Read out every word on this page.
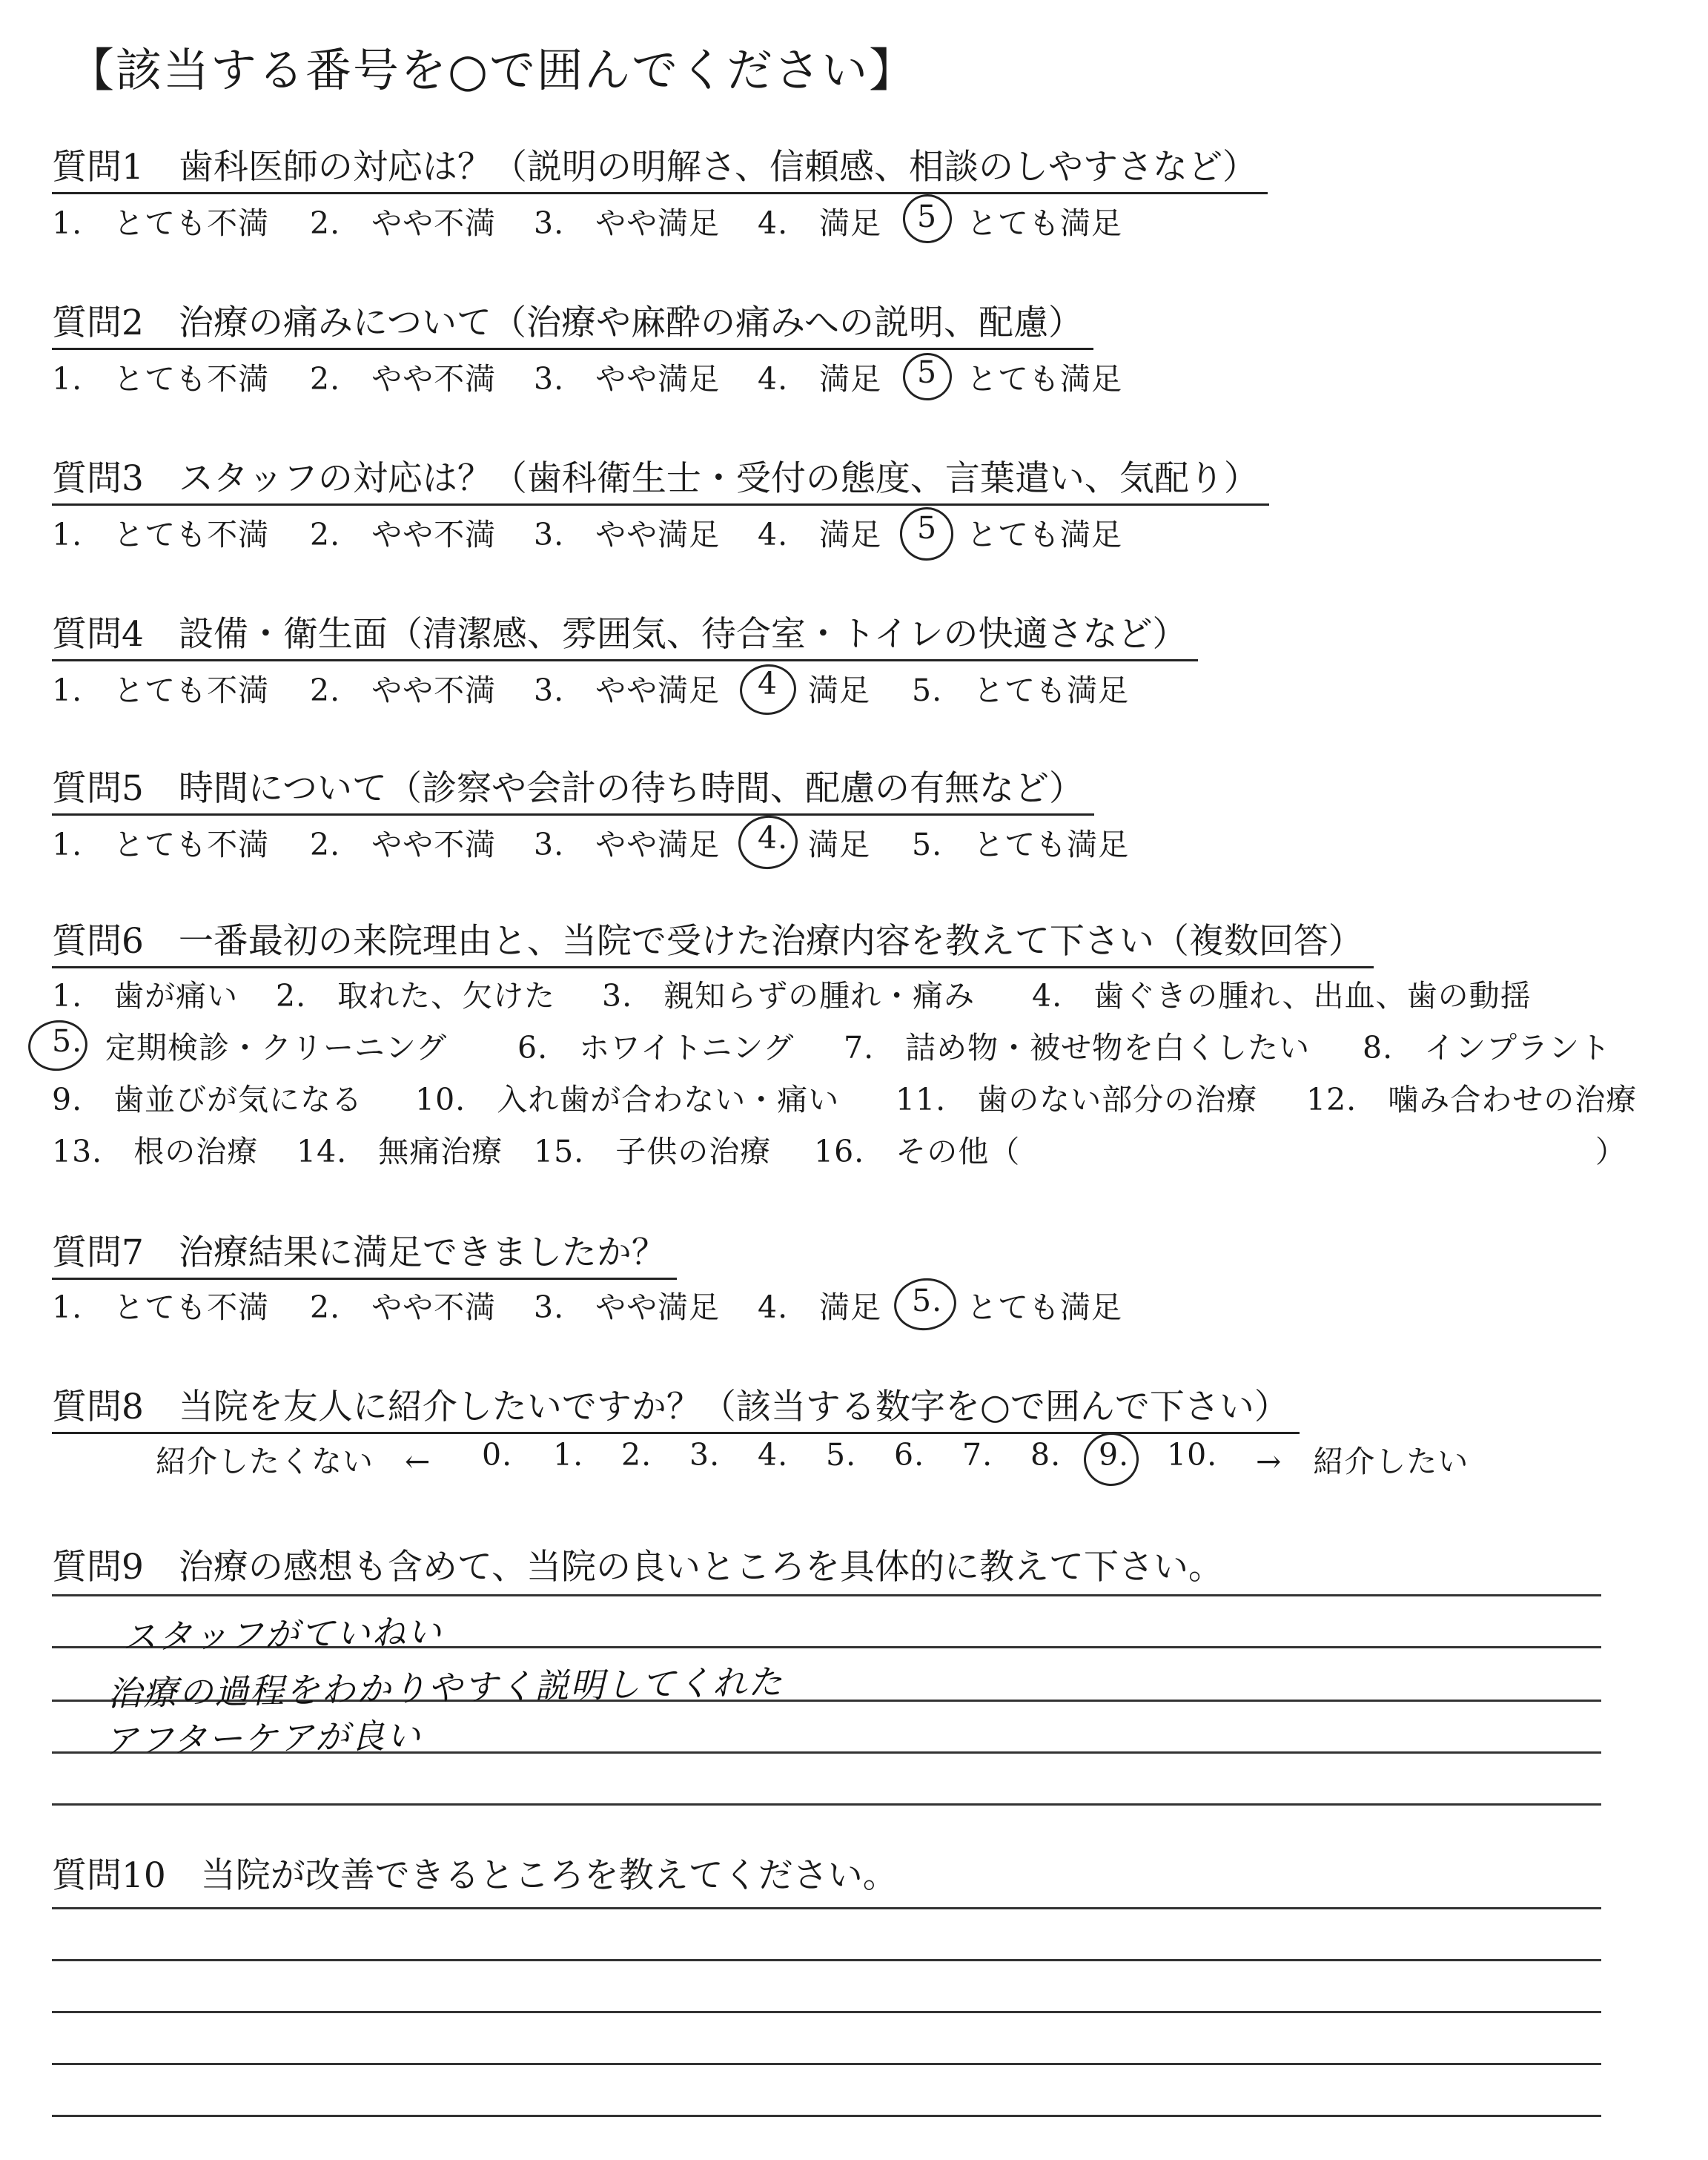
【該当する番号を○で囲んでください】
質問1　歯科医師の対応は？（説明の明解さ、信頼感、相談のしやすさなど）
1.　とても不満 2.　やや不満 3.　やや満足 4.　満足 5 とても満足
質問2　治療の痛みについて（治療や麻酔の痛みへの説明、配慮）
1.　とても不満 2.　やや不満 3.　やや満足 4.　満足 5 とても満足
質問3　スタッフの対応は？（歯科衛生士・受付の態度、言葉遣い、気配り）
1.　とても不満 2.　やや不満 3.　やや満足 4.　満足 5 とても満足
質問4　設備・衛生面（清潔感、雰囲気、待合室・トイレの快適さなど）
1.　とても不満 2.　やや不満 3.　やや満足 4 満足 5.　とても満足
質問5　時間について（診察や会計の待ち時間、配慮の有無など）
1.　とても不満 2.　やや不満 3.　やや満足 4. 満足 5.　とても満足
質問6　一番最初の来院理由と、当院で受けた治療内容を教えて下さい（複数回答）
1.　歯が痛い 2.　取れた、欠けた 3.　親知らずの腫れ・痛み 4.　歯ぐきの腫れ、出血、歯の動揺
5. 定期検診・クリーニング 6.　ホワイトニング 7.　詰め物・被せ物を白くしたい 8.　インプラント
9.　歯並びが気になる 10.　入れ歯が合わない・痛い 11.　歯のない部分の治療 12.　噛み合わせの治療
13.　根の治療 14.　無痛治療 15.　子供の治療 16.　その他（	）
質問7　治療結果に満足できましたか？
1.　とても不満 2.　やや不満 3.　やや満足 4.　満足 5. とても満足
質問8　当院を友人に紹介したいですか？（該当する数字を○で囲んで下さい）
紹介したくない　← 0. 1. 2. 3. 4. 5. 6. 7. 8. 9. 10. →　紹介したい
質問9　治療の感想も含めて、当院の良いところを具体的に教えて下さい。
スタッフがていねい
治療の過程をわかりやすく説明してくれた
アフターケアが良い
質問10　当院が改善できるところを教えてください。
